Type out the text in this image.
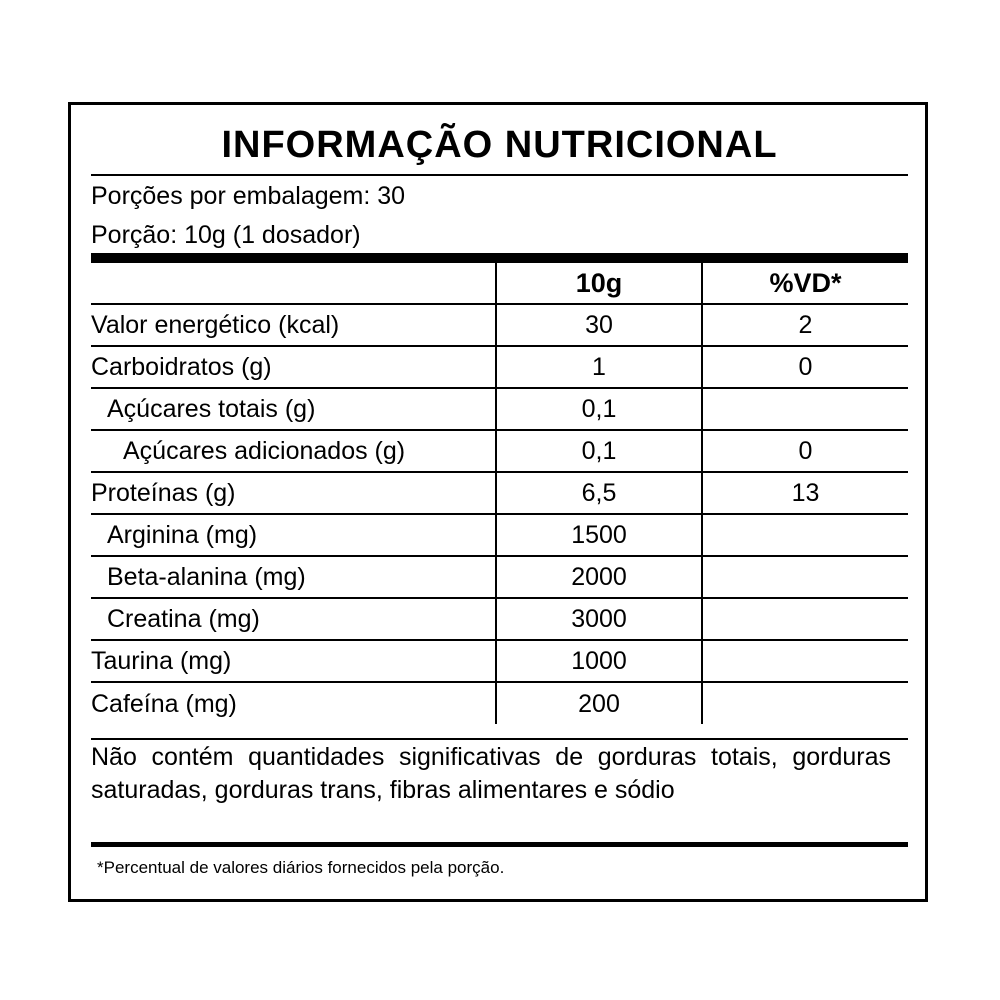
INFORMAÇÃO NUTRICIONAL
Porções por embalagem: 30
Porção: 10g (1 dosador)
	10g	%VD*
Valor energético (kcal)	30	2
Carboidratos (g)	1	0
Açúcares totais (g)	0,1	
Açúcares adicionados (g)	0,1	0
Proteínas (g)	6,5	13
Arginina (mg)	1500	
Beta-alanina (mg)	2000	
Creatina (mg)	3000	
Taurina (mg)	1000	
Cafeína (mg)	200	
Não contém quantidades significativas de gorduras totais, gorduras saturadas, gorduras trans, fibras alimentares e sódio
*Percentual de valores diários fornecidos pela porção.
